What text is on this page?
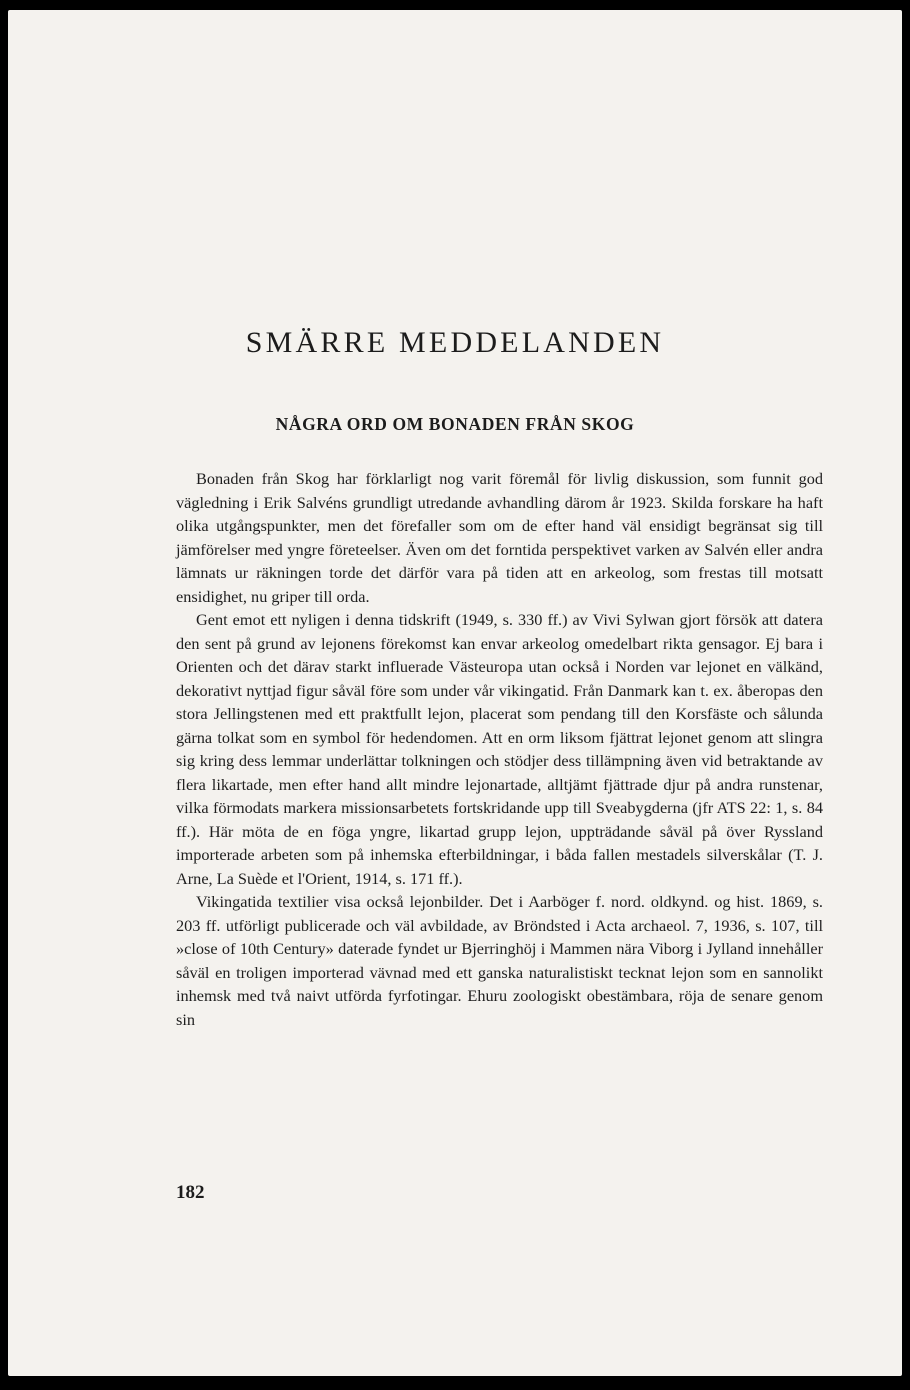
SMÄRRE MEDDELANDEN
NÅGRA ORD OM BONADEN FRÅN SKOG

Bonaden från Skog har förklarligt nog varit föremål för livlig diskussion, som funnit god vägledning i Erik Salvéns grundligt utredande avhandling därom år 1923. Skilda forskare ha haft olika utgångspunkter, men det förefaller som om de efter hand väl ensidigt begränsat sig till jämförelser med yngre företeelser. Även om det forntida perspektivet varken av Salvén eller andra lämnats ur räkningen torde det därför vara på tiden att en arkeolog, som frestas till motsatt ensidighet, nu griper till orda.

Gent emot ett nyligen i denna tidskrift (1949, s. 330 ff.) av Vivi Sylwan gjort försök att datera den sent på grund av lejonens förekomst kan envar arkeolog omedelbart rikta gensagor. Ej bara i Orienten och det därav starkt influerade Västeuropa utan också i Norden var lejonet en välkänd, dekorativt nyttjad figur såväl före som under vår vikingatid. Från Danmark kan t. ex. åberopas den stora Jellingstenen med ett praktfullt lejon, placerat som pendang till den Korsfäste och sålunda gärna tolkat som en symbol för hedendomen. Att en orm liksom fjättrat lejonet genom att slingra sig kring dess lemmar underlättar tolkningen och stödjer dess tillämpning även vid betraktande av flera likartade, men efter hand allt mindre lejonartade, alltjämt fjättrade djur på andra runstenar, vilka förmodats markera missionsarbetets fortskridande upp till Sveabygderna (jfr ATS 22: 1, s. 84 ff.). Här möta de en föga yngre, likartad grupp lejon, uppträdande såväl på över Ryssland importerade arbeten som på inhemska efterbildningar, i båda fallen mestadels silverskålar (T. J. Arne, La Suède et l'Orient, 1914, s. 171 ff.).

Vikingatida textilier visa också lejonbilder. Det i Aarböger f. nord. oldkynd. og hist. 1869, s. 203 ff. utförligt publicerade och väl avbildade, av Bröndsted i Acta archaeol. 7, 1936, s. 107, till »close of 10th Century» daterade fyndet ur Bjerringhöj i Mammen nära Viborg i Jylland innehåller såväl en troligen importerad vävnad med ett ganska naturalistiskt tecknat lejon som en sannolikt inhemsk med två naivt utförda fyrfotingar. Ehuru zoologiskt obestämbara, röja de senare genom sin

182
